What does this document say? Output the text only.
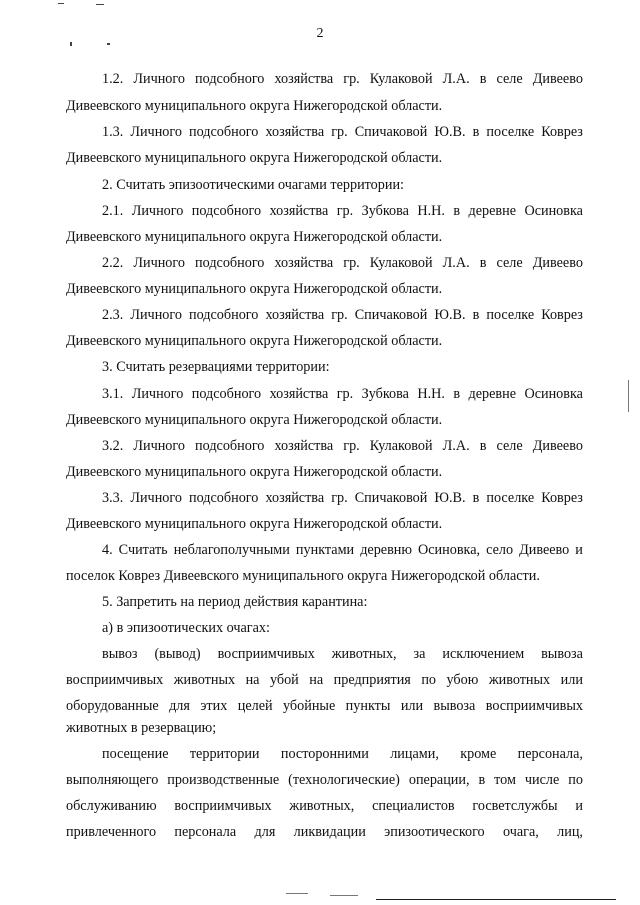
2
1.2. Личного подсобного хозяйства гр. Кулаковой Л.А. в селе Дивеево
Дивеевского муниципального округа Нижегородской области.
1.3. Личного подсобного хозяйства гр. Спичаковой Ю.В. в поселке Коврез
Дивеевского муниципального округа Нижегородской области.
2. Считать эпизоотическими очагами территории:
2.1. Личного подсобного хозяйства гр. Зубкова Н.Н. в деревне Осиновка
Дивеевского муниципального округа Нижегородской области.
2.2. Личного подсобного хозяйства гр. Кулаковой Л.А. в селе Дивеево
Дивеевского муниципального округа Нижегородской области.
2.3. Личного подсобного хозяйства гр. Спичаковой Ю.В. в поселке Коврез
Дивеевского муниципального округа Нижегородской области.
3. Считать резервациями территории:
3.1. Личного подсобного хозяйства гр. Зубкова Н.Н. в деревне Осиновка
Дивеевского муниципального округа Нижегородской области.
3.2. Личного подсобного хозяйства гр. Кулаковой Л.А. в селе Дивеево
Дивеевского муниципального округа Нижегородской области.
3.3. Личного подсобного хозяйства гр. Спичаковой Ю.В. в поселке Коврез
Дивеевского муниципального округа Нижегородской области.
4. Считать неблагополучными пунктами деревню Осиновка, село Дивеево и
поселок Коврез Дивеевского муниципального округа Нижегородской области.
5. Запретить на период действия карантина:
а) в эпизоотических очагах:
вывоз (вывод) восприимчивых животных, за исключением вывоза
восприимчивых животных на убой на предприятия по убою животных или
оборудованные для этих целей убойные пункты или вывоза восприимчивых
животных в резервацию;
посещение территории посторонними лицами, кроме персонала,
выполняющего производственные (технологические) операции, в том числе по
обслуживанию восприимчивых животных, специалистов госветслужбы и
привлеченного персонала для ликвидации эпизоотического очага, лиц,
